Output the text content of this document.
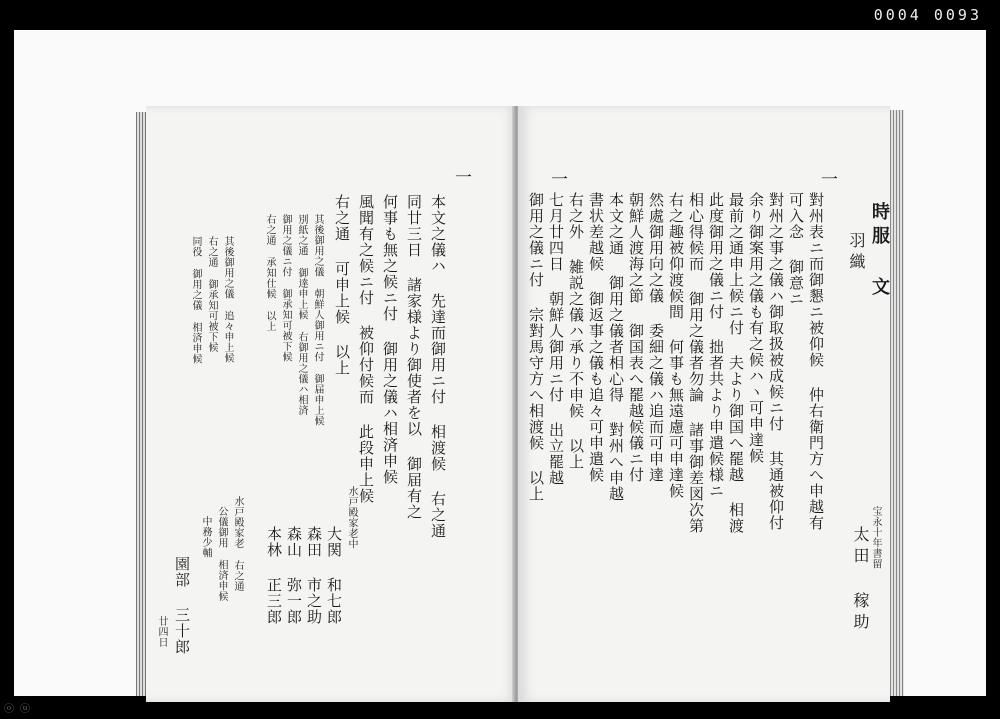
0004 0093
ⓞ ⓤ
一
本文之儀ハ 先達而御用ニ付 相渡候 右之通
同廿三日 諸家様より御使者を以 御届有之
何事も無之候ニ付 御用之儀ハ相済申候
風聞有之候ニ付 被仰付候而 此段申上候
右之通 可申上候 以上
其後御用之儀 朝鮮人御用ニ付 御届申上候
別紙之通 御達申上候 右御用之儀ハ相済
御用之儀ニ付 御承知可被下候
右之通 承知仕候 以上
其後御用之儀 追々申上候
右之通 御承知可被下候
同役 御用之儀 相済申候
水戸殿家老中
大関 和七郎
森田 市之助
森山 弥一郎
本林 正三郎
水戸殿家老 右之通
公儀御用 相済申候
中務少輔
園部 三十郎
廿四日
時服 文
羽織
宝永十年書留
太田 稼助
一
對州表ニ而御懇ニ被仰候 仲右衛門方へ申越有
可入念 御意ニ
對州之事之儀ハ御取扱被成候ニ付 其通被仰付
余り御案用之儀も有之候ハヽ可申達候
最前之通申上候ニ付 夫より御国へ罷越 相渡
此度御用之儀ニ付 拙者共より申遣候様ニ
相心得候而 御用之儀者勿論 諸事御差図次第
右之趣被仰渡候間 何事も無遠慮可申達候
然處御用向之儀 委細之儀ハ追而可申達
朝鮮人渡海之節 御国表へ罷越候儀ニ付
本文之通 御用之儀者相心得 對州へ申越
書状差越候 御返事之儀も追々可申遣候
右之外 雑説之儀ハ承り不申候 以上
一
七月廿四日 朝鮮人御用ニ付 出立罷越
御用之儀ニ付 宗對馬守方へ相渡候 以上
